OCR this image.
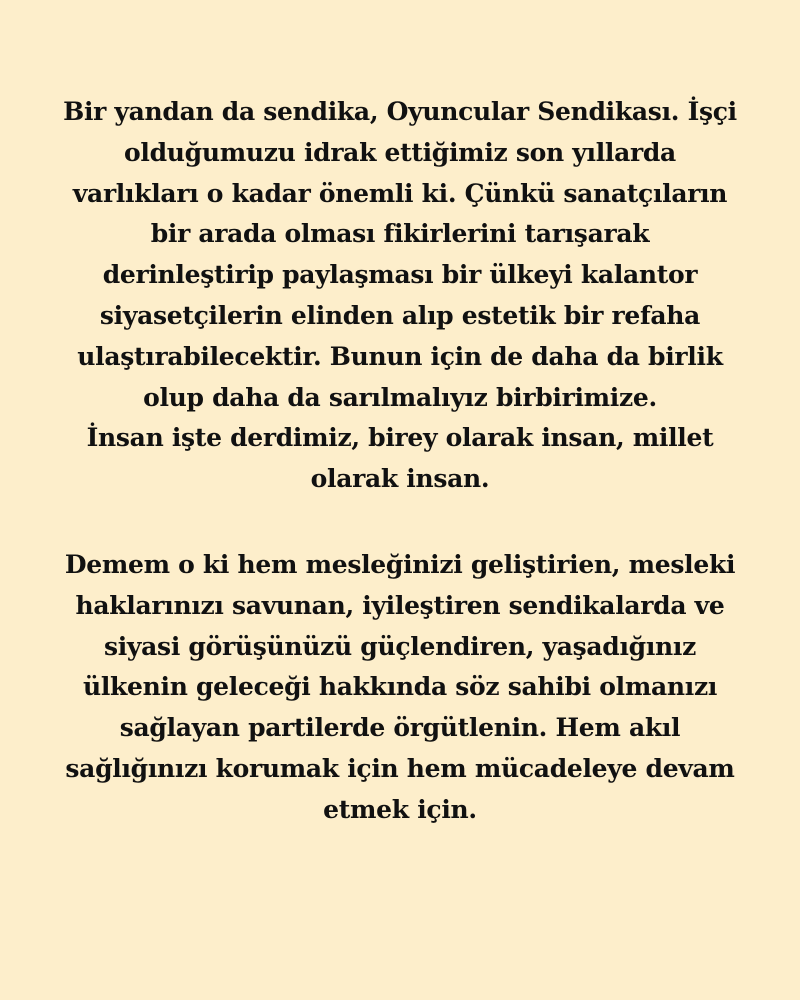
Bir yandan da sendika, Oyuncular Sendikası. İşçi
olduğumuzu idrak ettiğimiz son yıllarda
varlıkları o kadar önemli ki. Çünkü sanatçıların
bir arada olması fikirlerini tarışarak
derinleştirip paylaşması bir ülkeyi kalantor
siyasetçilerin elinden alıp estetik bir refaha
ulaştırabilecektir. Bunun için de daha da birlik
olup daha da sarılmalıyız birbirimize.
İnsan işte derdimiz, birey olarak insan, millet
olarak insan.

Demem o ki hem mesleğinizi geliştirien, mesleki
haklarınızı savunan, iyileştiren sendikalarda ve
siyasi görüşünüzü güçlendiren, yaşadığınız
ülkenin geleceği hakkında söz sahibi olmanızı
sağlayan partilerde örgütlenin. Hem akıl
sağlığınızı korumak için hem mücadeleye devam
etmek için.
